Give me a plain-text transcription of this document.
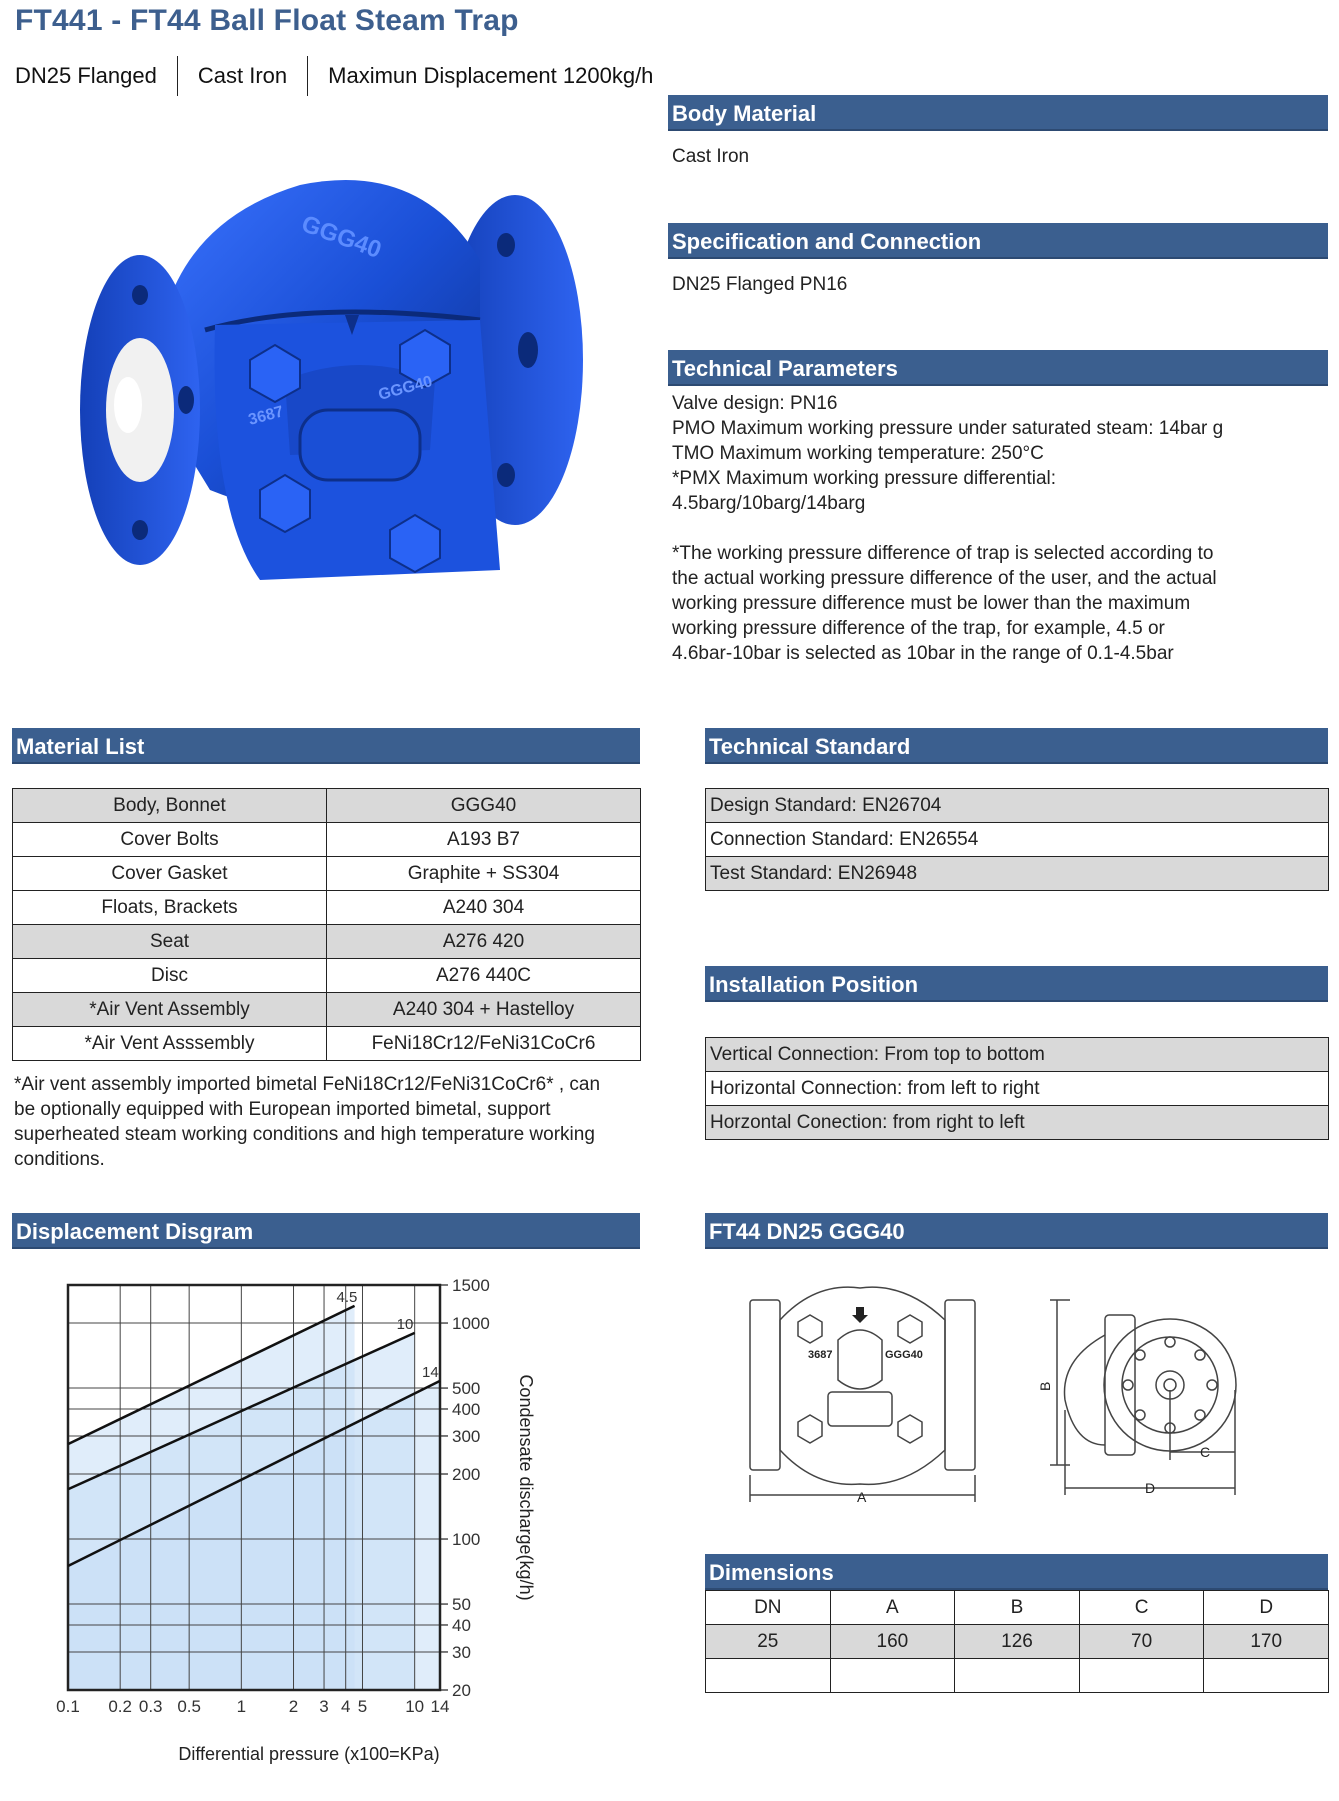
FT441 - FT44 Ball Float Steam Trap
DN25 Flanged	Cast Iron	Maximun Displacement 1200kg/h
GGG40
GGG40
3687
Body Material
Cast Iron
Specification and Connection
DN25 Flanged PN16
Technical Parameters
Valve design: PN16
PMO Maximum working pressure under saturated steam: 14bar g
TMO Maximum working temperature: 250°C
*PMX Maximum working pressure differential:
4.5barg/10barg/14barg
*The working pressure difference of trap is selected according to
the actual working pressure difference of the user, and the actual
working pressure difference must be lower than the maximum
working pressure difference of the trap, for example, 4.5 or
4.6bar-10bar is selected as 10bar in the range of 0.1-4.5bar
Material List
Body, Bonnet	GGG40
Cover Bolts	A193 B7
Cover Gasket	Graphite + SS304
Floats, Brackets	A240 304
Seat	A276 420
Disc	A276 440C
*Air Vent Assembly	A240 304 + Hastelloy
*Air Vent Asssembly	FeNi18Cr12/FeNi31CoCr6
*Air vent assembly imported bimetal FeNi18Cr12/FeNi31CoCr6* , can
be optionally equipped with European imported bimetal, support
superheated steam working conditions and high temperature working
conditions.
Technical Standard
Design Standard: EN26704
Connection Standard: EN26554
Test Standard: EN26948
Installation Position
Vertical Connection: From top to bottom
Horizontal Connection: from left to right
Horzontal Conection: from right to left
Displacement Disgram
4.5
10
14
0.1 0.2 0.3 0.5 1	2 3 4 5 10 14
20
30
40
50
100
200
300
400
500
1000
1500
Differential pressure (x100=KPa)
Condensate discharge(kg/h)
FT44 DN25 GGG40
3687	GGG40
A
B
C
D
Dimensions
DN	A	B	C	D
25	160	126	70	170
